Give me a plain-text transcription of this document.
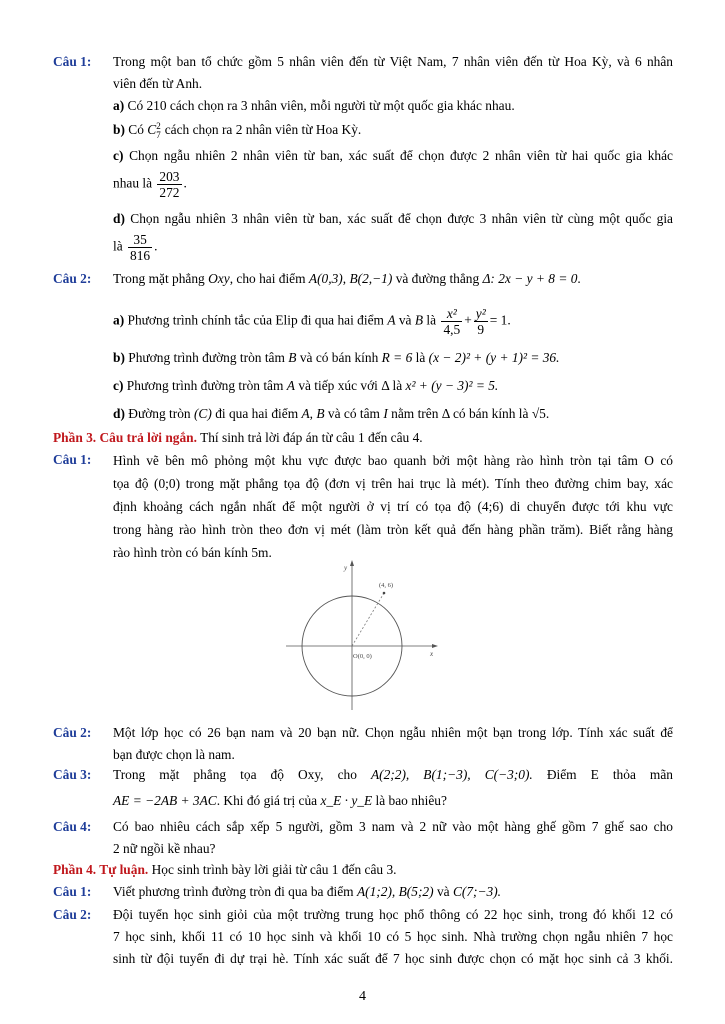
Câu 1: Trong một ban tổ chức gồm 5 nhân viên đến từ Việt Nam, 7 nhân viên đến từ Hoa Kỳ, và 6 nhân
viên đến từ Anh.
a) Có 210 cách chọn ra 3 nhân viên, mỗi người từ một quốc gia khác nhau.
b) Có C 2
7 cách chọn ra 2 nhân viên từ Hoa Kỳ.
c) Chọn ngẫu nhiên 2 nhân viên từ ban, xác suất để chọn được 2 nhân viên từ hai quốc gia khác
nhau là $\frac{203}{272}$ .
d) Chọn ngẫu nhiên 3 nhân viên từ ban, xác suất để chọn được 3 nhân viên từ cùng một quốc gia
là $\frac{35}{816}$ .
Câu 2: Trong mặt phẳng Oxy, cho hai điểm A(0,3), B(2,−1) và đường thẳng Δ: 2x − y + 8 = 0.
a) Phương trình chính tắc của Elip đi qua hai điểm A và B là $\frac{\text{x²}}{4,5} + \frac{\text{y²}}{9} = 1$.
b) Phương trình đường tròn tâm B và có bán kính R = 6 là (x − 2)² + (y + 1)² = 36.
c) Phương trình đường tròn tâm A và tiếp xúc với Δ là x² + (y − 3)² = 5.
d) Đường tròn (C) đi qua hai điểm A, B và có tâm I nằm trên Δ có bán kính là √5.
Phần 3. Câu trả lời ngắn. Thí sinh trả lời đáp án từ câu 1 đến câu 4.
Câu 1: Hình vẽ bên mô phỏng một khu vực được bao quanh bởi một hàng rào hình tròn tại tâm O có
tọa độ (0;0) trong mặt phẳng tọa độ (đơn vị trên hai trục là mét). Tính theo đường chim bay, xác
định khoảng cách ngắn nhất để một người ở vị trí có tọa độ (4;6) di chuyển được tới khu vực
trong hàng rào hình tròn theo đơn vị mét (làm tròn kết quả đến hàng phần trăm). Biết rằng hàng
rào hình tròn có bán kính 5m.
y
x
O(0, 0)
(4, 6)
Câu 2: Một lớp học có 26 bạn nam và 20 bạn nữ. Chọn ngẫu nhiên một bạn trong lớp. Tính xác suất để
bạn được chọn là nam.
Câu 3: Trong mặt phẳng tọa độ Oxy, cho A(2;2), B(1;−3), C(−3;0). Điểm E thỏa mãn
AE = −2AB + 3AC. Khi đó giá trị của x_E · y_E là bao nhiêu?
Câu 4: Có bao nhiêu cách sắp xếp 5 người, gồm 3 nam và 2 nữ vào một hàng ghế gồm 7 ghế sao cho
2 nữ ngồi kề nhau?
Phần 4. Tự luận. Học sinh trình bày lời giải từ câu 1 đến câu 3.
Câu 1: Viết phương trình đường tròn đi qua ba điểm A(1;2), B(5;2) và C(7;−3).
Câu 2: Đội tuyển học sinh giỏi của một trường trung học phổ thông có 22 học sinh, trong đó khối 12 có
7 học sinh, khối 11 có 10 học sinh và khối 10 có 5 học sinh. Nhà trường chọn ngẫu nhiên 7 học
sinh từ đội tuyển đi dự trại hè. Tính xác suất để 7 học sinh được chọn có mặt học sinh cả 3 khối.
4
